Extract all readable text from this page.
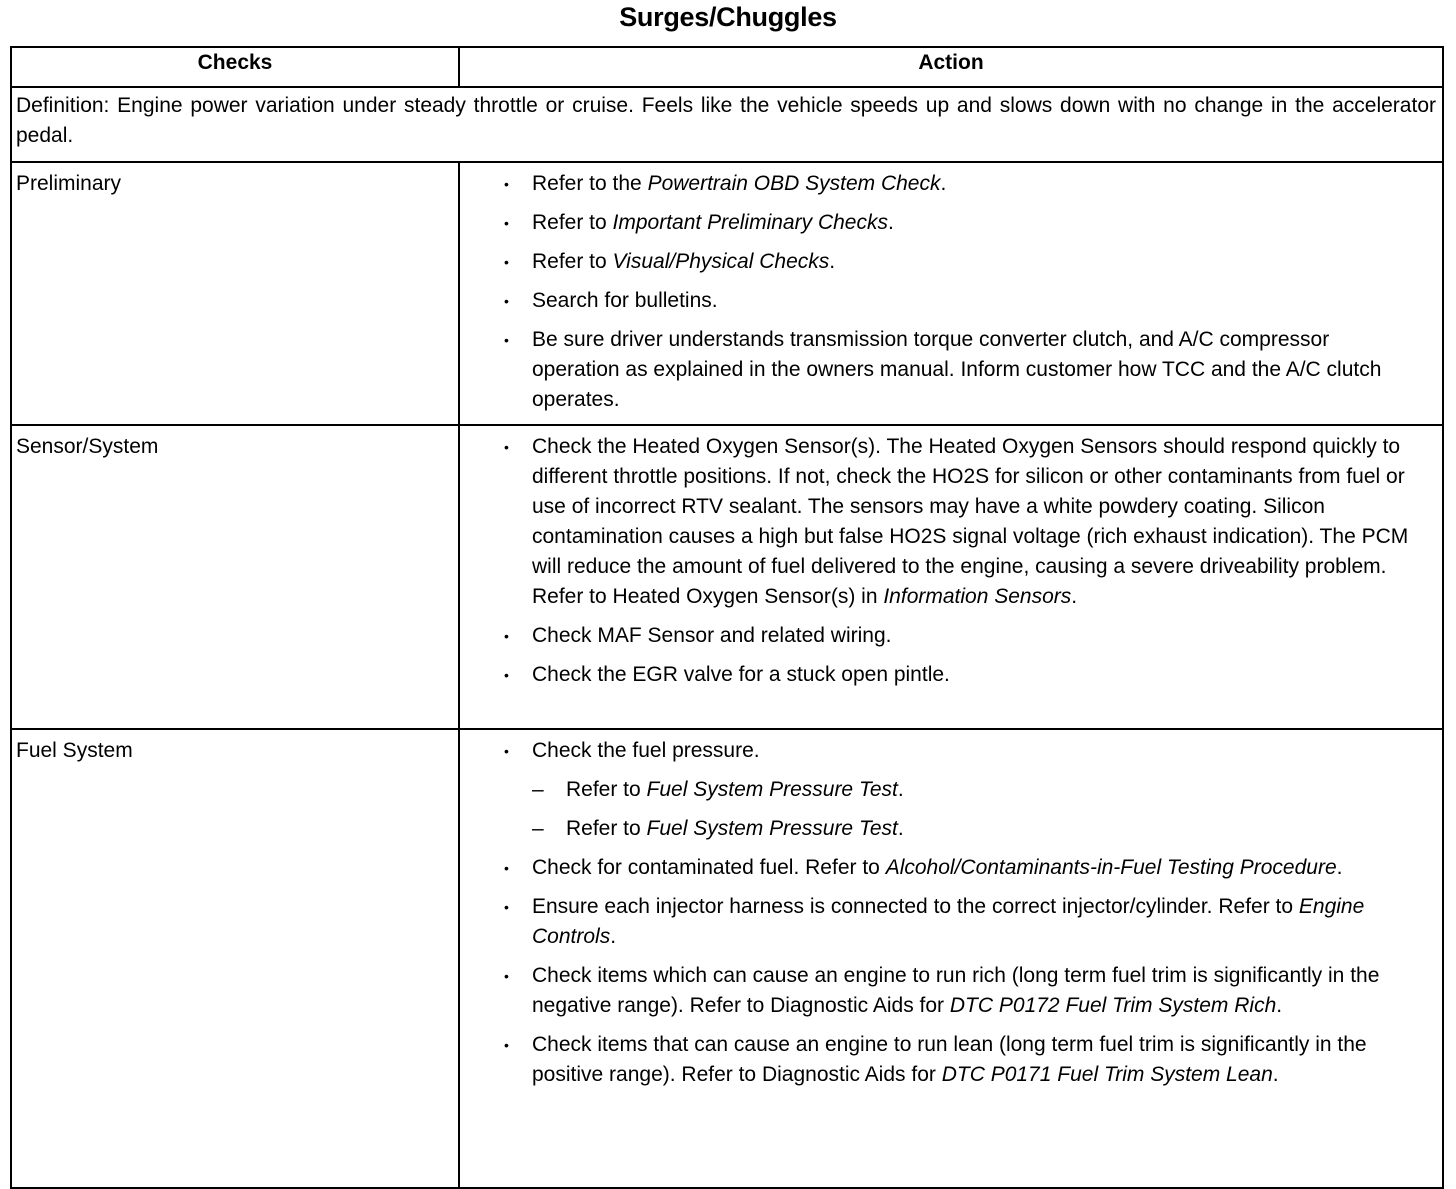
Surges/Chuggles
Checks	Action
Definition: Engine power variation under steady throttle or cruise. Feels like the vehicle speeds up and slows down with no change in the accelerator pedal.	
Preliminary	• Refer to the Powertrain OBD System Check.
• Refer to Important Preliminary Checks.
• Refer to Visual/Physical Checks.
• Search for bulletins.
• Be sure driver understands transmission torque converter clutch, and A/C compressor operation as explained in the owners manual. Inform customer how TCC and the A/C clutch operates.

Sensor/System	• Check the Heated Oxygen Sensor(s). The Heated Oxygen Sensors should respond quickly to different throttle positions. If not, check the HO2S for silicon or other contaminants from fuel or use of incorrect RTV sealant. The sensors may have a white powdery coating. Silicon contamination causes a high but false HO2S signal voltage (rich exhaust indication). The PCM will reduce the amount of fuel delivered to the engine, causing a severe driveability problem. Refer to Heated Oxygen Sensor(s) in Information Sensors.
• Check MAF Sensor and related wiring.
• Check the EGR valve for a stuck open pintle.

Fuel System	• Check the fuel pressure.
– Refer to Fuel System Pressure Test.
– Refer to Fuel System Pressure Test.
• Check for contaminated fuel. Refer to Alcohol/Contaminants-in-Fuel Testing Procedure.
• Ensure each injector harness is connected to the correct injector/cylinder. Refer to Engine Controls.
• Check items which can cause an engine to run rich (long term fuel trim is significantly in the negative range). Refer to Diagnostic Aids for DTC P0172 Fuel Trim System Rich.
• Check items that can cause an engine to run lean (long term fuel trim is significantly in the positive range). Refer to Diagnostic Aids for DTC P0171 Fuel Trim System Lean.
